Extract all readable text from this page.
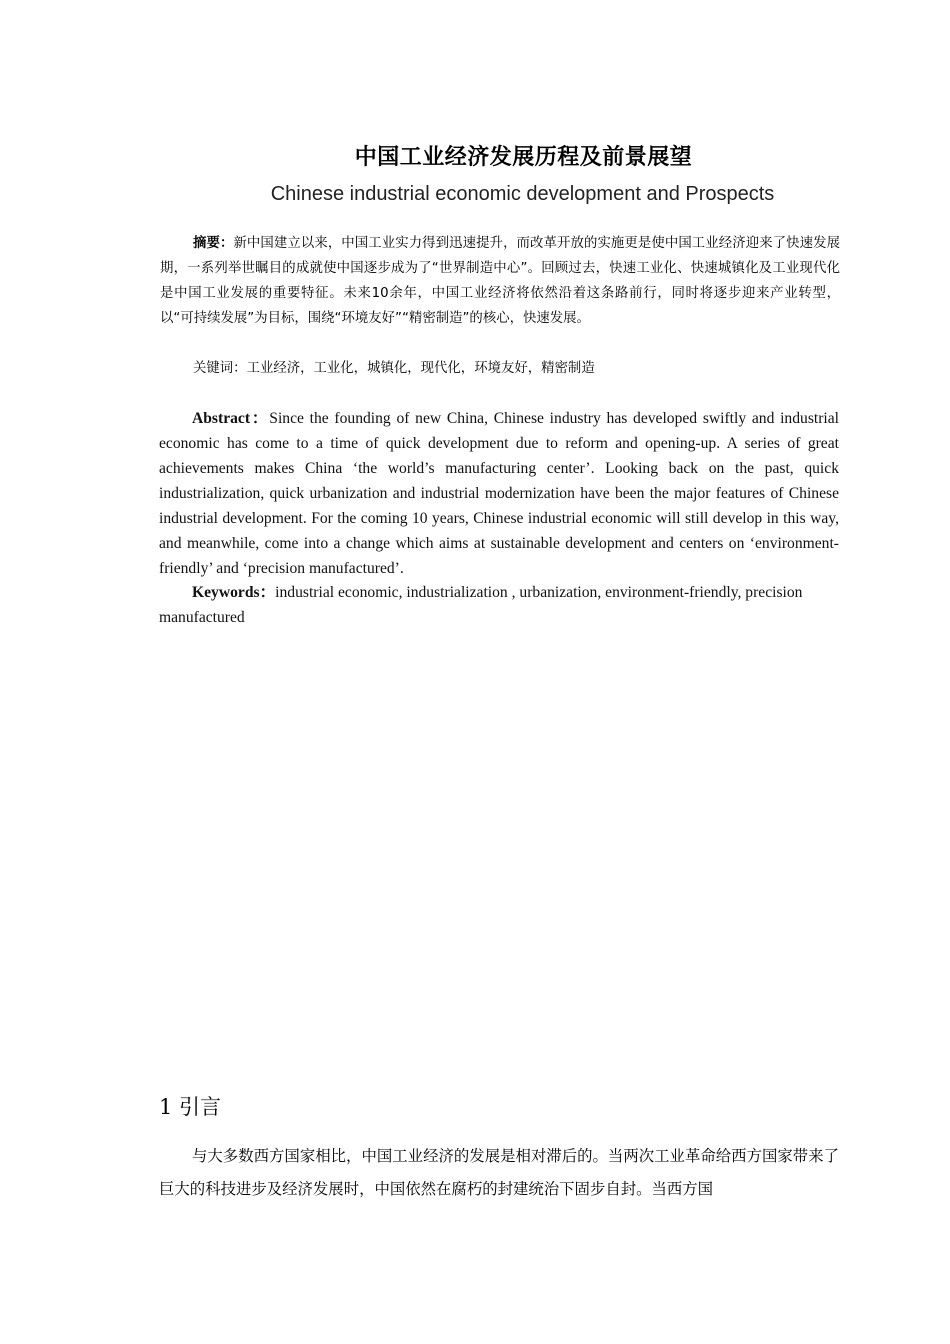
中国工业经济发展历程及前景展望
Chinese industrial economic development and Prospects
摘要：新中国建立以来，中国工业实力得到迅速提升，而改革开放的实施更是使中国工业经济迎来了快速发展期，一系列举世瞩目的成就使中国逐步成为了“世界制造中心”。回顾过去，快速工业化、快速城镇化及工业现代化是中国工业发展的重要特征。未来10余年，中国工业经济将依然沿着这条路前行，同时将逐步迎来产业转型，以“可持续发展”为目标，围绕“环境友好”“精密制造”的核心，快速发展。
关键词：工业经济，工业化，城镇化，现代化，环境友好，精密制造
Abstract：Since the founding of new China, Chinese industry has developed swiftly and industrial economic has come to a time of quick development due to reform and opening-up. A series of great achievements makes China ‘the world’s manufacturing center’. Looking back on the past, quick industrialization, quick urbanization and industrial modernization have been the major features of Chinese industrial development. For the coming 10 years, Chinese industrial economic will still develop in this way, and meanwhile, come into a change which aims at sustainable development and centers on ‘environment-friendly’ and ‘precision manufactured’.
Keywords：industrial economic, industrialization , urbanization, environment-friendly, precision manufactured
1 引言
与大多数西方国家相比，中国工业经济的发展是相对滞后的。当两次工业革命给西方国家带来了巨大的科技进步及经济发展时，中国依然在腐朽的封建统治下固步自封。当西方国
